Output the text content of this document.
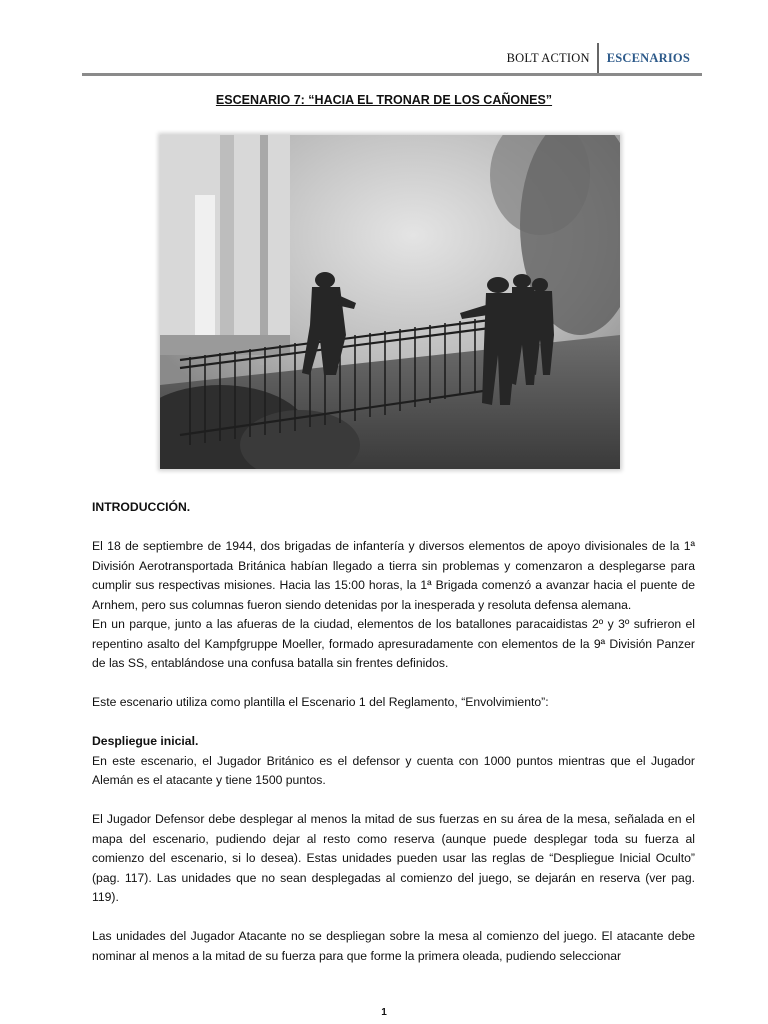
BOLT ACTION	ESCENARIOS
ESCENARIO 7: “HACIA EL TRONAR DE LOS CAÑONES”

INTRODUCCIÓN.

El 18 de septiembre de 1944, dos brigadas de infantería y diversos elementos de apoyo divisionales de la 1ª División Aerotransportada Británica habían llegado a tierra sin problemas y comenzaron a desplegarse para cumplir sus respectivas misiones. Hacia las 15:00 horas, la 1ª Brigada comenzó a avanzar hacia el puente de Arnhem, pero sus columnas fueron siendo detenidas por la inesperada y resoluta defensa alemana.

En un parque, junto a las afueras de la ciudad, elementos de los batallones paracaidistas 2º y 3º sufrieron el repentino asalto del Kampfgruppe Moeller, formado apresuradamente con elementos de la 9ª División Panzer de las SS, entablándose una confusa batalla sin frentes definidos.

Este escenario utiliza como plantilla el Escenario 1 del Reglamento, “Envolvimiento”:

Despliegue inicial.

En este escenario, el Jugador Británico es el defensor y cuenta con 1000 puntos mientras que el Jugador Alemán es el atacante y tiene 1500 puntos.

El Jugador Defensor debe desplegar al menos la mitad de sus fuerzas en su área de la mesa, señalada en el mapa del escenario, pudiendo dejar al resto como reserva (aunque puede desplegar toda su fuerza al comienzo del escenario, si lo desea). Estas unidades pueden usar las reglas de “Despliegue Inicial Oculto” (pag. 117). Las unidades que no sean desplegadas al comienzo del juego, se dejarán en reserva (ver pag. 119).

Las unidades del Jugador Atacante no se despliegan sobre la mesa al comienzo del juego. El atacante debe nominar al menos a la mitad de su fuerza para que forme la primera oleada, pudiendo seleccionar

1
